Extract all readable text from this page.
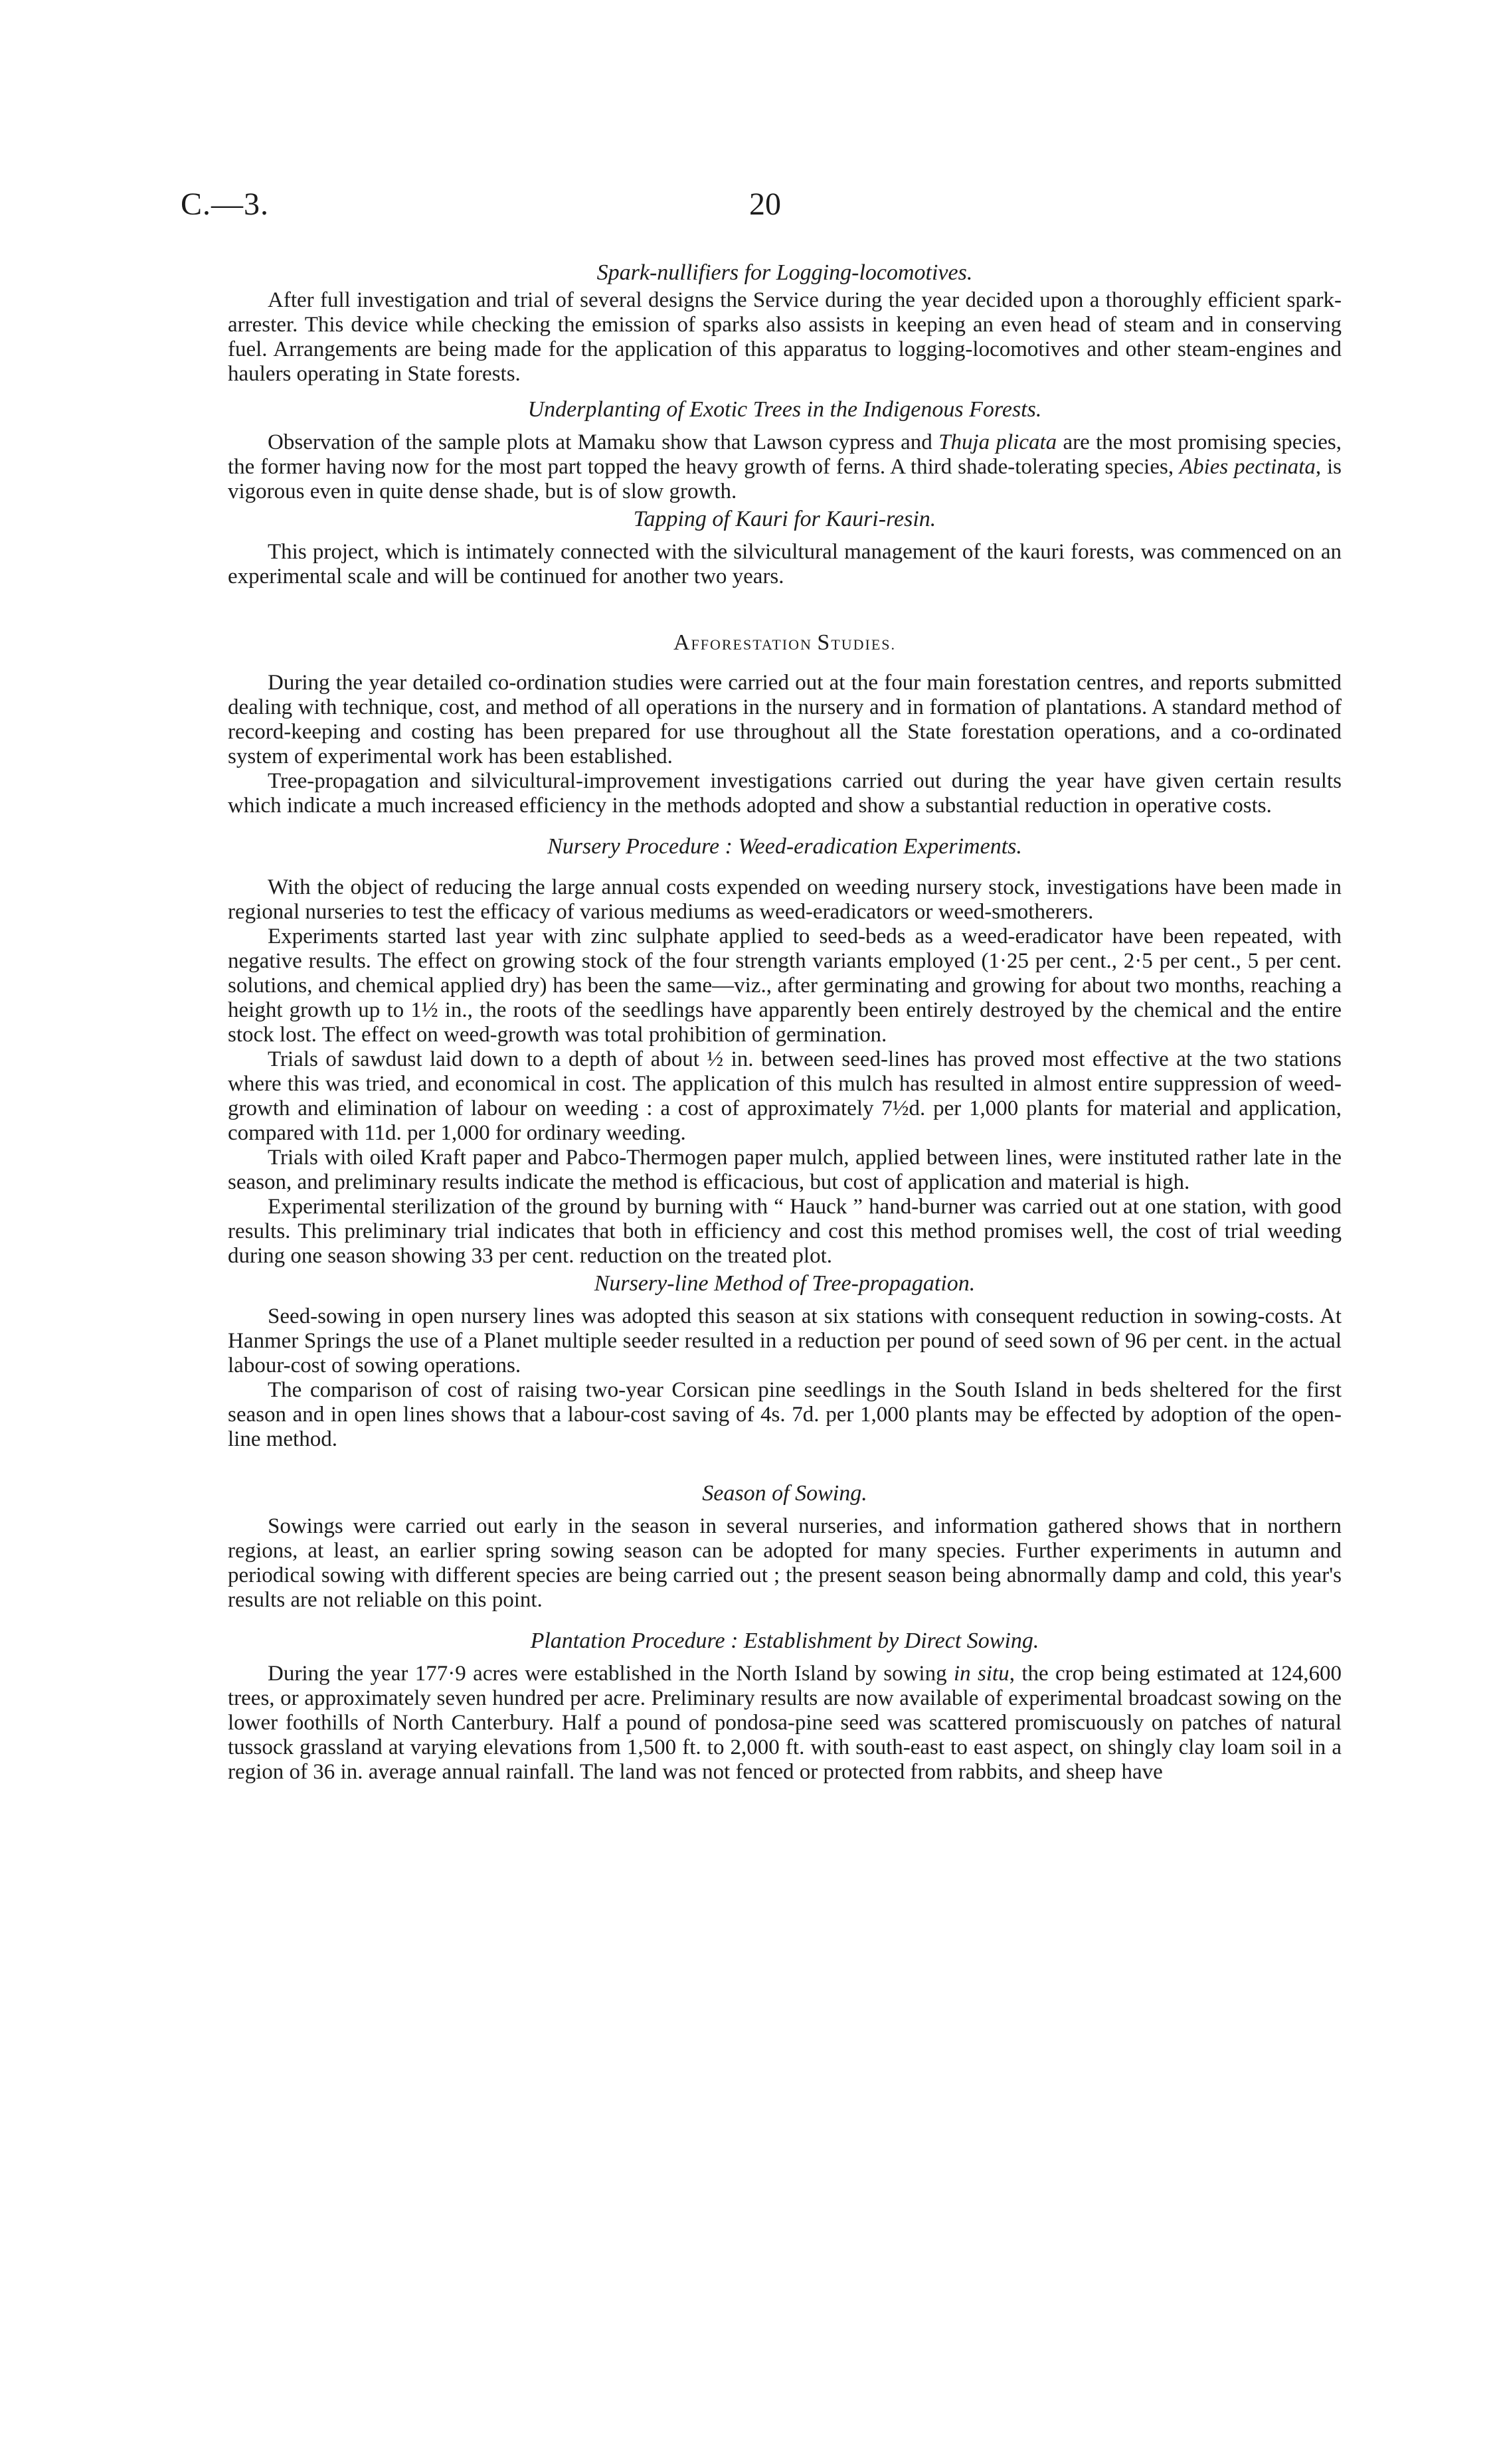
C.—3.	20
Spark-nullifiers for Logging-locomotives.
After full investigation and trial of several designs the Service during the year decided upon a thoroughly efficient spark-arrester. This device while checking the emission of sparks also assists in keeping an even head of steam and in conserving fuel. Arrangements are being made for the application of this apparatus to logging-locomotives and other steam-engines and haulers operating in State forests.
Underplanting of Exotic Trees in the Indigenous Forests.
Observation of the sample plots at Mamaku show that Lawson cypress and Thuja plicata are the most promising species, the former having now for the most part topped the heavy growth of ferns. A third shade-tolerating species, Abies pectinata, is vigorous even in quite dense shade, but is of slow growth.
Tapping of Kauri for Kauri-resin.
This project, which is intimately connected with the silvicultural management of the kauri forests, was commenced on an experimental scale and will be continued for another two years.
AFFORESTATION STUDIES.
During the year detailed co-ordination studies were carried out at the four main forestation centres, and reports submitted dealing with technique, cost, and method of all operations in the nursery and in formation of plantations. A standard method of record-keeping and costing has been prepared for use throughout all the State forestation operations, and a co-ordinated system of experimental work has been established.
Tree-propagation and silvicultural-improvement investigations carried out during the year have given certain results which indicate a much increased efficiency in the methods adopted and show a substantial reduction in operative costs.
Nursery Procedure : Weed-eradication Experiments.
With the object of reducing the large annual costs expended on weeding nursery stock, investigations have been made in regional nurseries to test the efficacy of various mediums as weed-eradicators or weed-smotherers.
Experiments started last year with zinc sulphate applied to seed-beds as a weed-eradicator have been repeated, with negative results. The effect on growing stock of the four strength variants employed (1·25 per cent., 2·5 per cent., 5 per cent. solutions, and chemical applied dry) has been the same—viz., after germinating and growing for about two months, reaching a height growth up to 1½ in., the roots of the seedlings have apparently been entirely destroyed by the chemical and the entire stock lost. The effect on weed-growth was total prohibition of germination.
Trials of sawdust laid down to a depth of about ½ in. between seed-lines has proved most effective at the two stations where this was tried, and economical in cost. The application of this mulch has resulted in almost entire suppression of weed-growth and elimination of labour on weeding : a cost of approximately 7½d. per 1,000 plants for material and application, compared with 11d. per 1,000 for ordinary weeding.
Trials with oiled Kraft paper and Pabco-Thermogen paper mulch, applied between lines, were instituted rather late in the season, and preliminary results indicate the method is efficacious, but cost of application and material is high.
Experimental sterilization of the ground by burning with “ Hauck ” hand-burner was carried out at one station, with good results. This preliminary trial indicates that both in efficiency and cost this method promises well, the cost of trial weeding during one season showing 33 per cent. reduction on the treated plot.
Nursery-line Method of Tree-propagation.
Seed-sowing in open nursery lines was adopted this season at six stations with consequent reduction in sowing-costs. At Hanmer Springs the use of a Planet multiple seeder resulted in a reduction per pound of seed sown of 96 per cent. in the actual labour-cost of sowing operations.
The comparison of cost of raising two-year Corsican pine seedlings in the South Island in beds sheltered for the first season and in open lines shows that a labour-cost saving of 4s. 7d. per 1,000 plants may be effected by adoption of the open-line method.
Season of Sowing.
Sowings were carried out early in the season in several nurseries, and information gathered shows that in northern regions, at least, an earlier spring sowing season can be adopted for many species. Further experiments in autumn and periodical sowing with different species are being carried out ; the present season being abnormally damp and cold, this year's results are not reliable on this point.
Plantation Procedure : Establishment by Direct Sowing.
During the year 177·9 acres were established in the North Island by sowing in situ, the crop being estimated at 124,600 trees, or approximately seven hundred per acre. Preliminary results are now available of experimental broadcast sowing on the lower foothills of North Canterbury. Half a pound of pondosa-pine seed was scattered promiscuously on patches of natural tussock grassland at varying elevations from 1,500 ft. to 2,000 ft. with south-east to east aspect, on shingly clay loam soil in a region of 36 in. average annual rainfall. The land was not fenced or protected from rabbits, and sheep have
